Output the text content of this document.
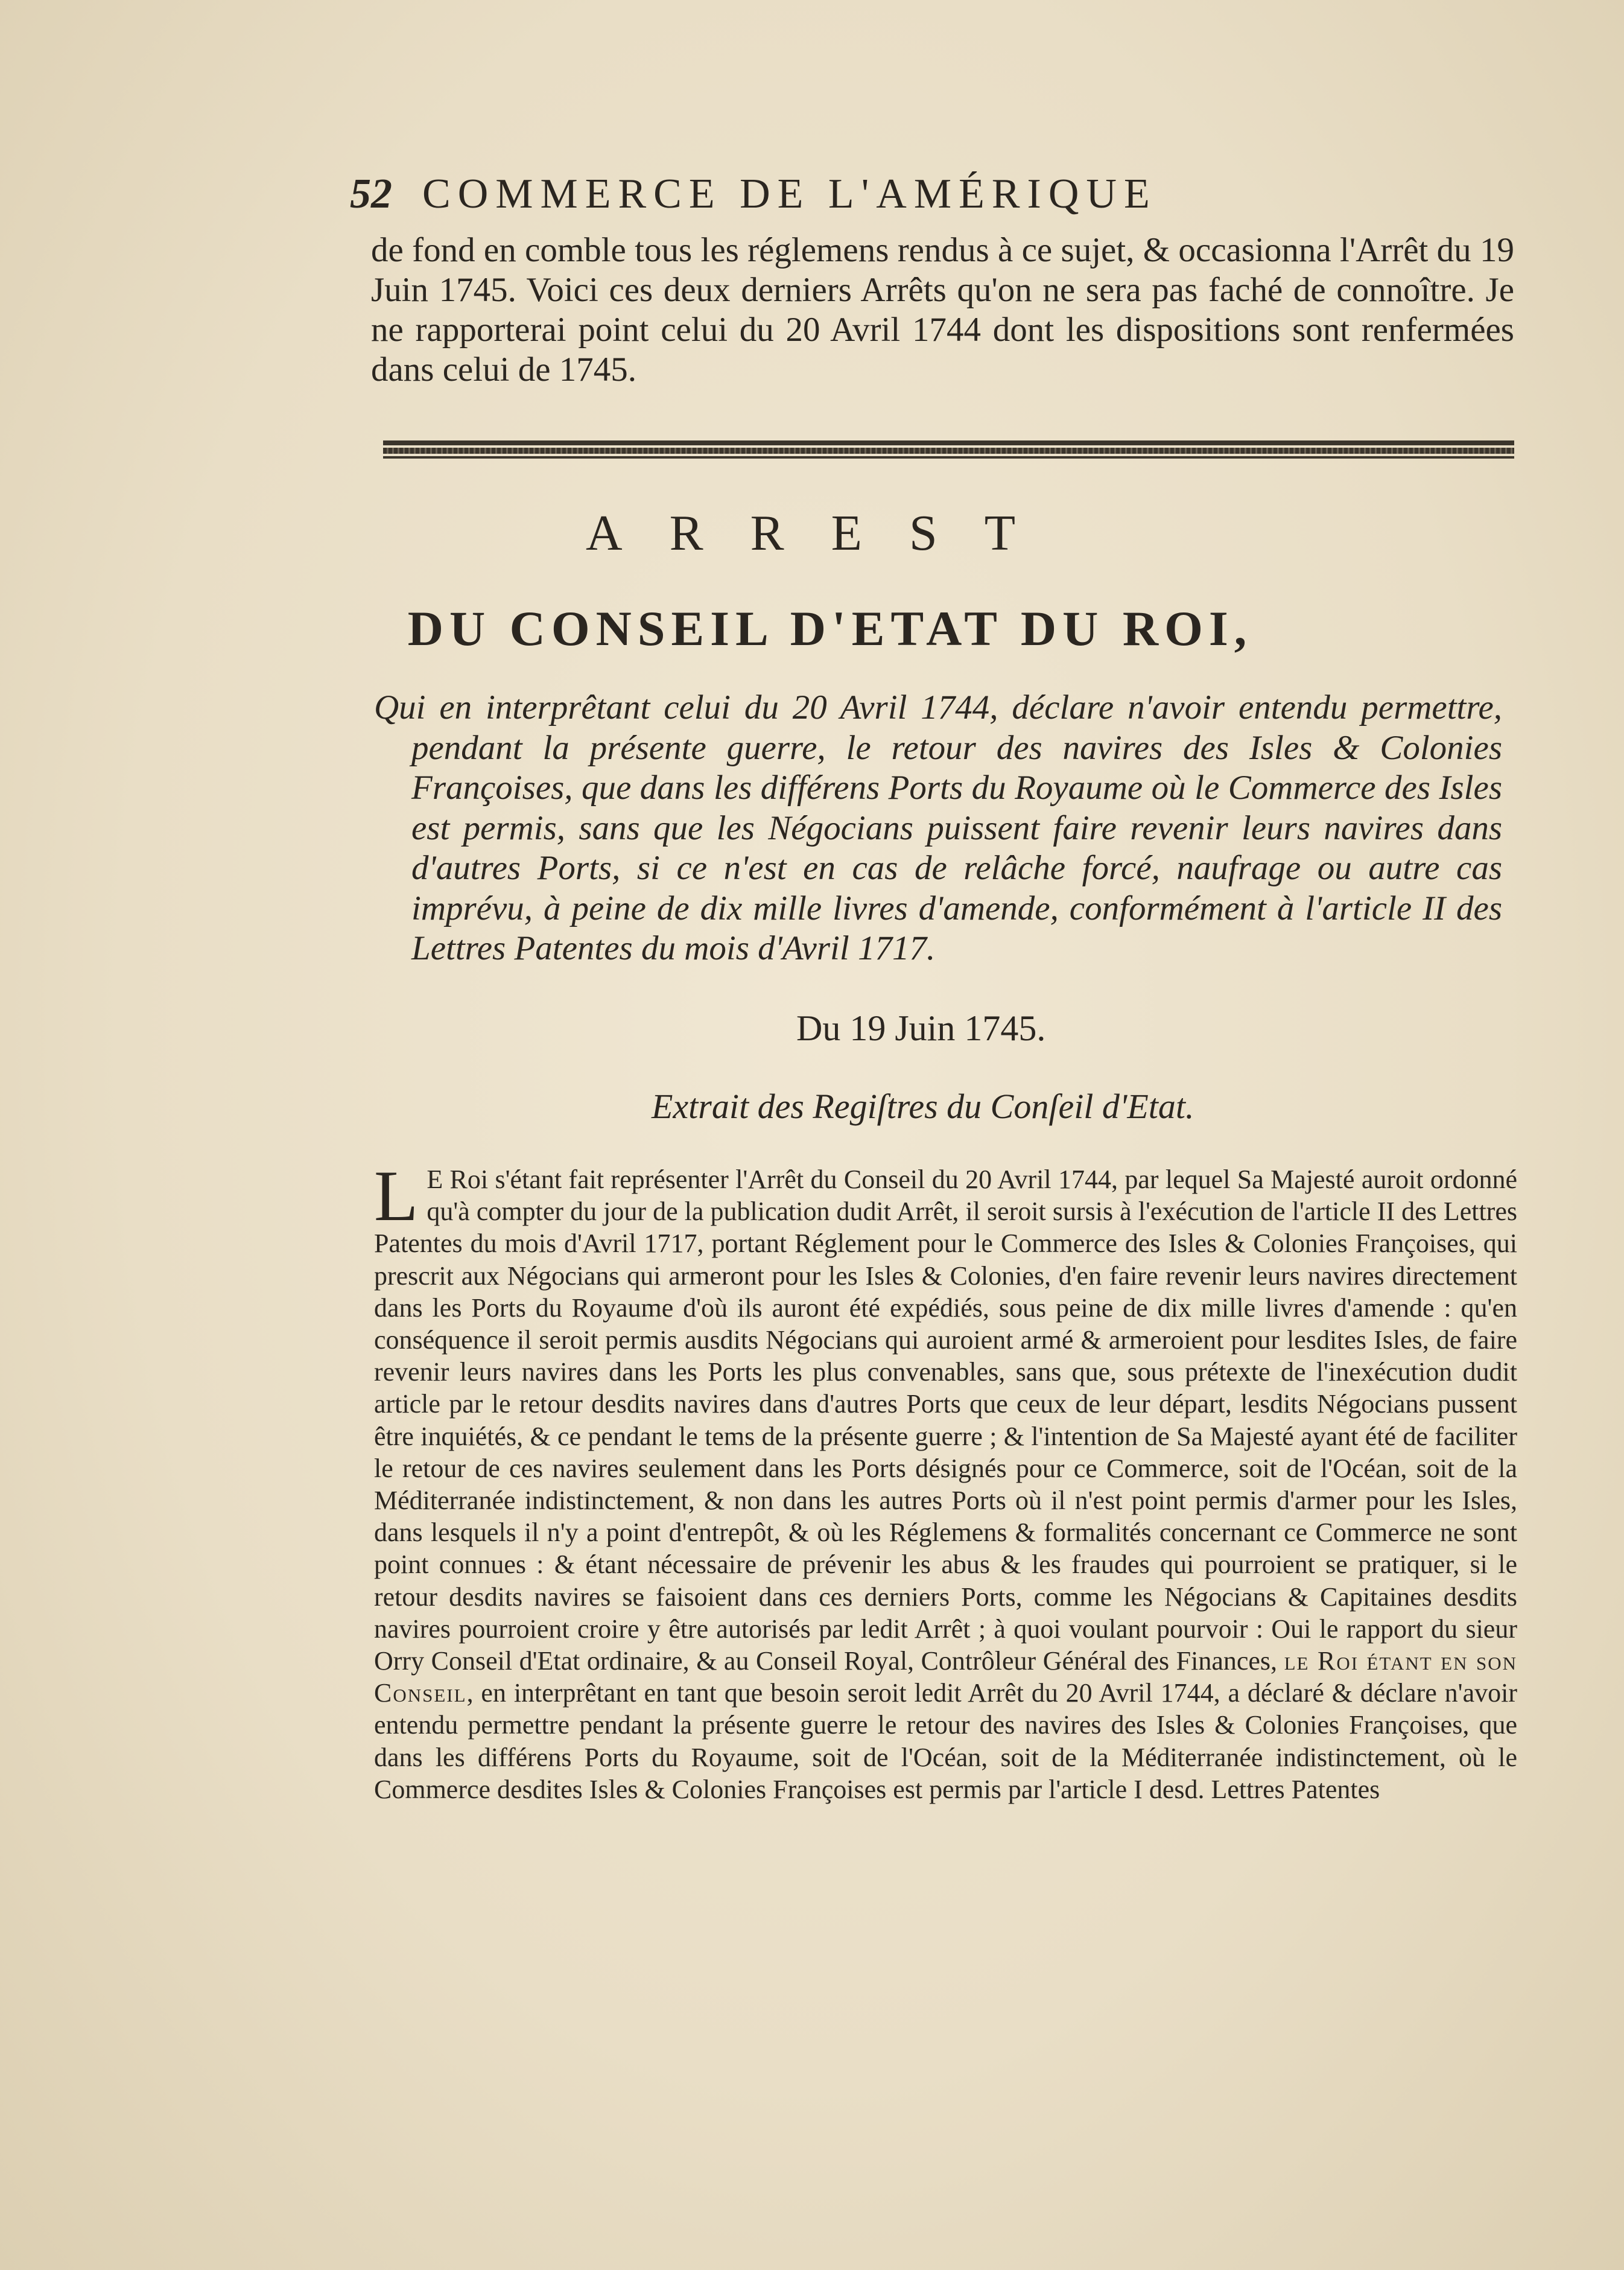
52 COMMERCE DE L'AMÉRIQUE
de fond en comble tous les réglemens rendus à ce sujet, & occasionna l'Arrêt du 19 Juin 1745. Voici ces deux derniers Arrêts qu'on ne sera pas faché de connoître. Je ne rapporterai point celui du 20 Avril 1744 dont les dispositions sont renfermées dans celui de 1745.
ARREST
DU CONSEIL D'ETAT DU ROI,
Qui en interprêtant celui du 20 Avril 1744, déclare n'avoir entendu permettre, pendant la présente guerre, le retour des navires des Isles & Colonies Françoises, que dans les différens Ports du Royaume où le Commerce des Isles est permis, sans que les Négocians puissent faire revenir leurs navires dans d'autres Ports, si ce n'est en cas de relâche forcé, naufrage ou autre cas imprévu, à peine de dix mille livres d'amende, conformément à l'article II des Lettres Patentes du mois d'Avril 1717.
Du 19 Juin 1745.
Extrait des Regiſtres du Conſeil d'Etat.
L E Roi s'étant fait représenter l'Arrêt du Conseil du 20 Avril 1744, par lequel Sa Majesté auroit ordonné qu'à compter du jour de la publication dudit Arrêt, il seroit sursis à l'exécution de l'article II des Lettres Patentes du mois d'Avril 1717, portant Réglement pour le Commerce des Isles & Colonies Françoises, qui prescrit aux Négocians qui armeront pour les Isles & Colonies, d'en faire revenir leurs navires directement dans les Ports du Royaume d'où ils auront été expédiés, sous peine de dix mille livres d'amende : qu'en conséquence il seroit permis ausdits Négocians qui auroient armé & armeroient pour lesdites Isles, de faire revenir leurs navires dans les Ports les plus convenables, sans que, sous prétexte de l'inexécution dudit article par le retour desdits navires dans d'autres Ports que ceux de leur départ, lesdits Négocians pussent être inquiétés, & ce pendant le tems de la présente guerre ; & l'intention de Sa Majesté ayant été de faciliter le retour de ces navires seulement dans les Ports désignés pour ce Commerce, soit de l'Océan, soit de la Méditerranée indistinctement, & non dans les autres Ports où il n'est point permis d'armer pour les Isles, dans lesquels il n'y a point d'entrepôt, & où les Réglemens & formalités concernant ce Commerce ne sont point connues : & étant nécessaire de prévenir les abus & les fraudes qui pourroient se pratiquer, si le retour desdits navires se faisoient dans ces derniers Ports, comme les Négocians & Capitaines desdits navires pourroient croire y être autorisés par ledit Arrêt ; à quoi voulant pourvoir : Oui le rapport du sieur Orry Conseil d'Etat ordinaire, & au Conseil Royal, Contrôleur Général des Finances, le Roi étant en son Conseil, en interprêtant en tant que besoin seroit ledit Arrêt du 20 Avril 1744, a déclaré & déclare n'avoir entendu permettre pendant la présente guerre le retour des navires des Isles & Colonies Françoises, que dans les différens Ports du Royaume, soit de l'Océan, soit de la Méditerranée indistinctement, où le Commerce desdites Isles & Colonies Françoises est permis par l'article I desd. Lettres Patentes
